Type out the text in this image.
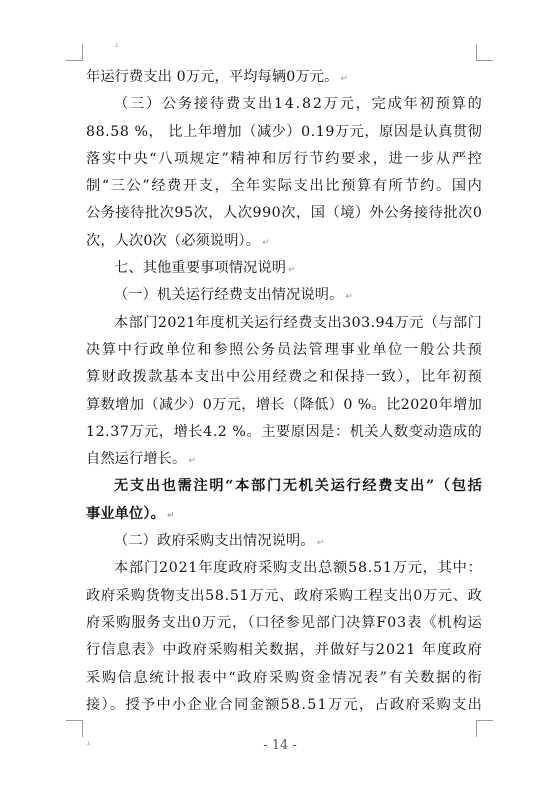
.ı
.ı
年运行费支出 0万元，平均每辆0万元。 ↵
（三）公务接待费支出14.82万元，完成年初预算的
88.58 %， 比上年增加（减少）0.19万元，原因是认真贯彻
落实中央“八项规定”精神和厉行节约要求，进一步从严控
制“三公”经费开支，全年实际支出比预算有所节约。国内
公务接待批次95次，人次990次，国（境）外公务接待批次0
次，人次0次（必须说明）。 ↵
七、其他重要事项情况说明 ↵
（一）机关运行经费支出情况说明。 ↵
本部门2021年度机关运行经费支出303.94万元（与部门
决算中行政单位和参照公务员法管理事业单位一般公共预
算财政拨款基本支出中公用经费之和保持一致），比年初预
算数增加（减少）0万元，增长（降低）0 %。比2020年增加
12.37万元，增长4.2 %。主要原因是：机关人数变动造成的
自然运行增长。 ↵
无支出也需注明“本部门无机关运行经费支出”（包括
事业单位）。 ↵
（二）政府采购支出情况说明。 ↵
本部门2021年度政府采购支出总额58.51万元，其中：
政府采购货物支出58.51万元、政府采购工程支出0万元、政
府采购服务支出0万元，（口径参见部门决算F03表《机构运
行信息表》中政府采购相关数据，并做好与2021 年度政府
采购信息统计报表中“政府采购资金情况表”有关数据的衔
接）。授予中小企业合同金额58.51万元，占政府采购支出
- 14 -
